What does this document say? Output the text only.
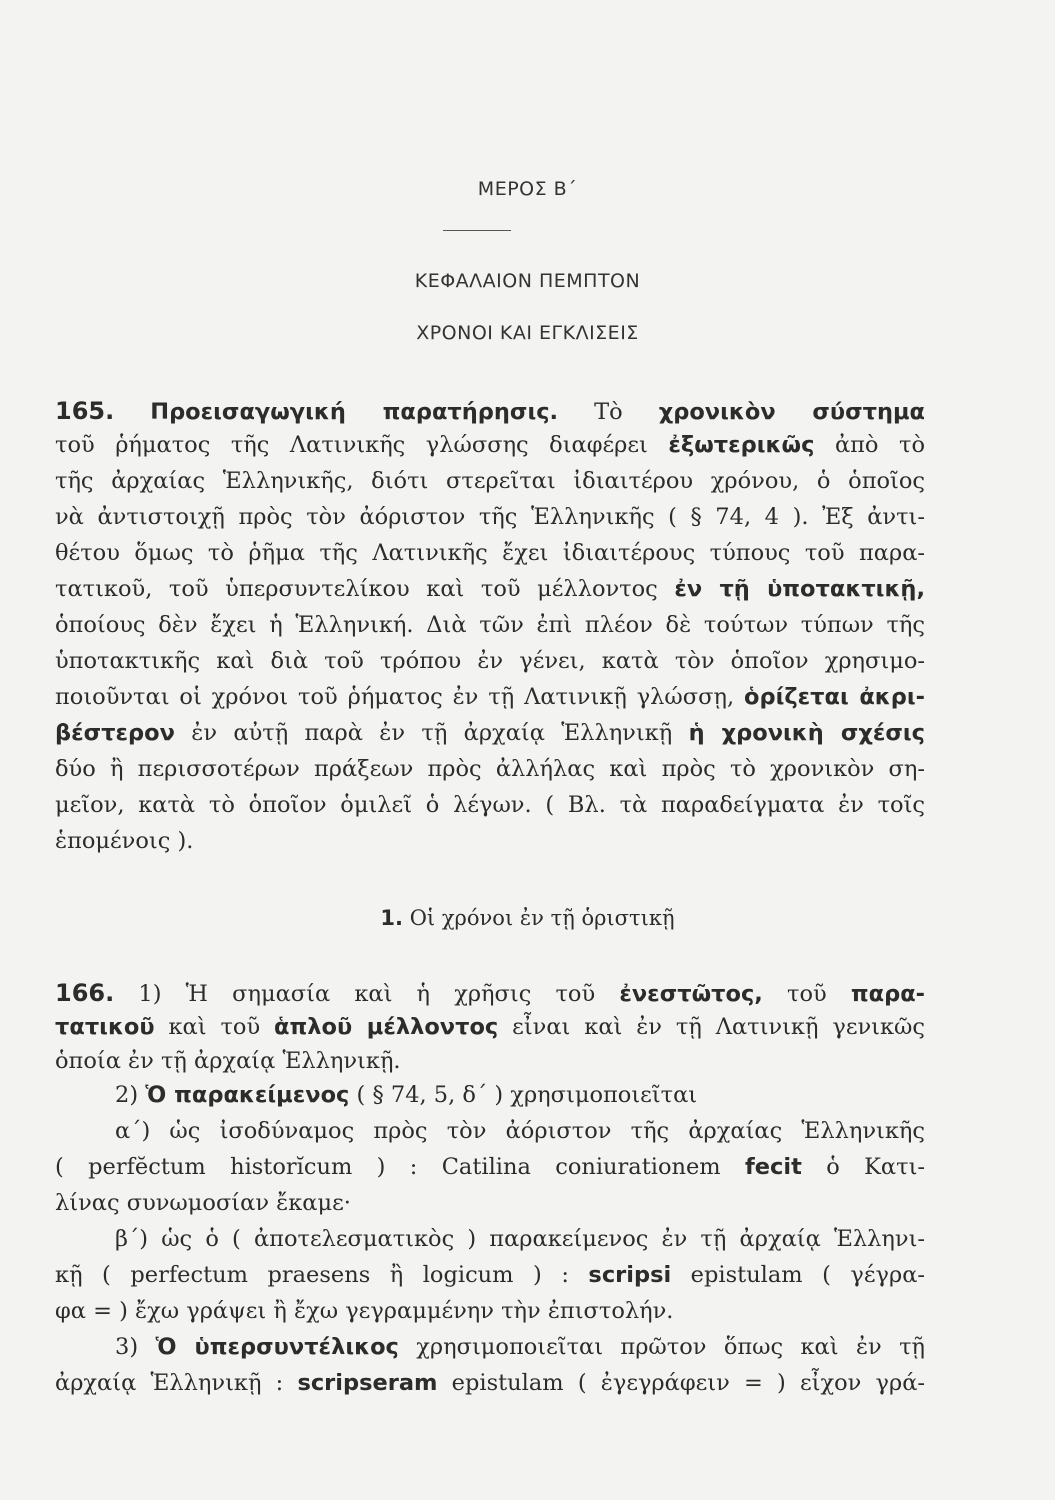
ΜΕΡΟΣ Β΄
ΚΕΦΑΛΑΙΟΝ ΠΕΜΠΤΟΝ
ΧΡΟΝΟΙ ΚΑΙ ΕΓΚΛΙΣΕΙΣ
165. Προεισαγωγική παρατήρησις. Τὸ χρονικὸν σύστημα
τοῦ ῥήματος τῆς Λατινικῆς γλώσσης διαφέρει ἐξωτερικῶς ἀπὸ τὸ
τῆς ἀρχαίας Ἑλληνικῆς, διότι στερεῖται ἰδιαιτέρου χρόνου, ὁ ὁποῖος
νὰ ἀντιστοιχῇ πρὸς τὸν ἀόριστον τῆς Ἑλληνικῆς ( § 74, 4 ). Ἐξ ἀντι-
θέτου ὅμως τὸ ῥῆμα τῆς Λατινικῆς ἔχει ἰδιαιτέρους τύπους τοῦ παρα-
τατικοῦ, τοῦ ὑπερσυντελίκου καὶ τοῦ μέλλοντος ἐν τῇ ὑποτακτικῇ,
ὁποίους δὲν ἔχει ἡ Ἑλληνική. Διὰ τῶν ἐπὶ πλέον δὲ τούτων τύπων τῆς
ὑποτακτικῆς καὶ διὰ τοῦ τρόπου ἐν γένει, κατὰ τὸν ὁποῖον χρησιμο-
ποιοῦνται οἱ χρόνοι τοῦ ῥήματος ἐν τῇ Λατινικῇ γλώσσῃ, ὁρίζεται ἀκρι-
βέστερον ἐν αὐτῇ παρὰ ἐν τῇ ἀρχαίᾳ Ἑλληνικῇ ἡ χρονικὴ σχέσις
δύο ἢ περισσοτέρων πράξεων πρὸς ἀλλήλας καὶ πρὸς τὸ χρονικὸν ση-
μεῖον, κατὰ τὸ ὁποῖον ὁμιλεῖ ὁ λέγων. ( Βλ. τὰ παραδείγματα ἐν τοῖς
ἑπομένοις ).
1. Οἱ χρόνοι ἐν τῇ ὁριστικῇ
166. 1) Ἡ σημασία καὶ ἡ χρῆσις τοῦ ἐνεστῶτος, τοῦ παρα-
τατικοῦ καὶ τοῦ ἁπλοῦ μέλλοντος εἶναι καὶ ἐν τῇ Λατινικῇ γενικῶς
ὁποία ἐν τῇ ἀρχαίᾳ Ἑλληνικῇ.
2) Ὁ παρακείμενος ( § 74, 5, δ΄ ) χρησιμοποιεῖται
α΄) ὡς ἰσοδύναμος πρὸς τὸν ἀόριστον τῆς ἀρχαίας Ἑλληνικῆς
( perfĕctum historĭcum ) : Catilina coniurationem fecit ὁ Κατι-
λίνας συνωμοσίαν ἔκαμε·
β΄) ὡς ὁ ( ἀποτελεσματικὸς ) παρακείμενος ἐν τῇ ἀρχαίᾳ Ἑλληνι-
κῇ ( perfectum praesens ἢ logicum ) : scripsi epistulam ( γέγρα-
φα = ) ἔχω γράψει ἢ ἔχω γεγραμμένην τὴν ἐπιστολήν.
3) Ὁ ὑπερσυντέλικος χρησιμοποιεῖται πρῶτον ὅπως καὶ ἐν τῇ
ἀρχαίᾳ Ἑλληνικῇ : scripseram epistulam ( ἐγεγράφειν = ) εἶχον γρά-
